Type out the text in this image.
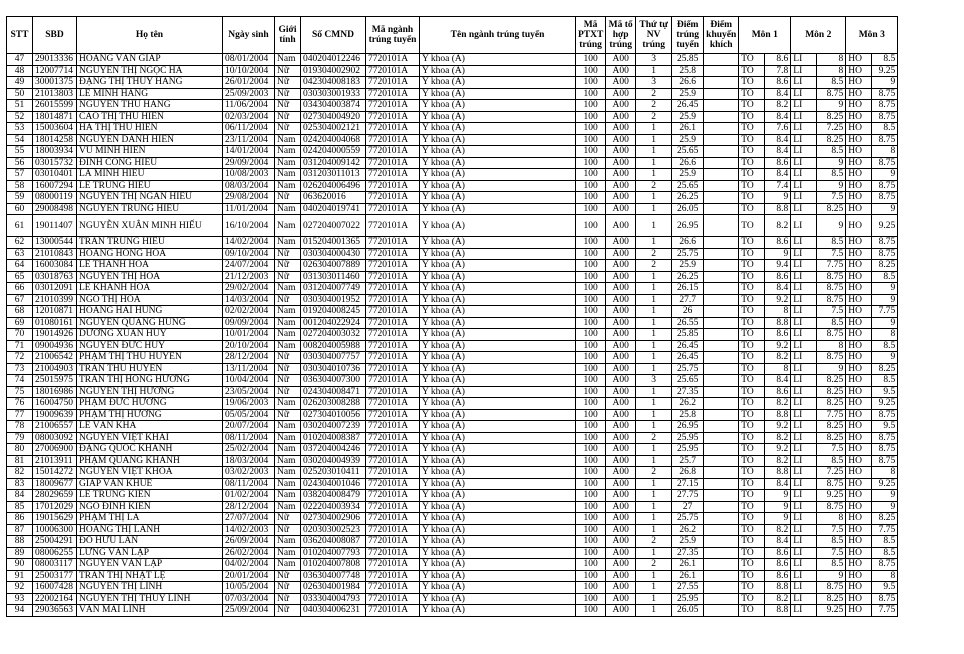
STT	SBD	Họ tên	Ngày sinh	Giới tính	Số CMND	Mã ngành trúng tuyển	Tên ngành trúng tuyển	Mã PTXT trúng	Mã tổ hợp trúng	Thứ tự NV trúng	Điểm trúng tuyển	Điểm khuyến khích	Môn 1		Môn 2		Môn 3	
47	29013336	HOÀNG VĂN GIÁP	08/01/2004	Nam	040204012246	7720101A	Y khoa (A)	100	A00	3	25.85		TO	8.6	LI	8	HO	8.5
48	12007714	NGUYỄN THỊ NGỌC HÀ	10/10/2004	Nữ	019304002902	7720101A	Y khoa (A)	100	A00	1	25.8		TO	7.8	LI	8	HO	9.25
49	30001375	ĐẶNG THỊ THÚY HẰNG	26/01/2004	Nữ	042304008183	7720101A	Y khoa (A)	100	A00	3	26.6		TO	8.6	LI	8.5	HO	9
50	21013803	LÊ MINH HẰNG	25/09/2003	Nữ	030303001933	7720101A	Y khoa (A)	100	A00	2	25.9		TO	8.4	LI	8.75	HO	8.75
51	26015599	NGUYỄN THU HẰNG	11/06/2004	Nữ	034304003874	7720101A	Y khoa (A)	100	A00	2	26.45		TO	8.2	LI	9	HO	8.75
52	18014871	CAO THỊ THU HIỀN	02/03/2004	Nữ	027304004920	7720101A	Y khoa (A)	100	A00	2	25.9		TO	8.4	LI	8.25	HO	8.75
53	15003604	HÀ THỊ THU HIỀN	06/11/2004	Nữ	025304002121	7720101A	Y khoa (A)	100	A00	1	26.1		TO	7.6	LI	7.25	HO	8.5
54	18014258	NGUYỄN DANH HIỂN	23/11/2004	Nam	024204004068	7720101A	Y khoa (A)	100	A00	1	25.9		TO	8.4	LI	8.25	HO	8.75
55	18003934	VŨ MINH HIỂN	14/01/2004	Nam	024204000559	7720101A	Y khoa (A)	100	A00	1	25.65		TO	8.4	LI	8.5	HO	8
56	03015732	ĐINH CÔNG HIẾU	29/09/2004	Nam	031204009142	7720101A	Y khoa (A)	100	A00	1	26.6		TO	8.6	LI	9	HO	8.75
57	03010401	LÃ MINH HIẾU	10/08/2003	Nam	031203011013	7720101A	Y khoa (A)	100	A00	1	25.9		TO	8.4	LI	8.5	HO	9
58	16007294	LÊ TRUNG HIẾU	08/03/2004	Nam	026204006496	7720101A	Y khoa (A)	100	A00	2	25.65		TO	7.4	LI	9	HO	8.75
59	08000119	NGUYỄN THỊ NGÂN HIẾU	29/08/2004	Nữ	063620016	7720101A	Y khoa (A)	100	A00	1	26.25		TO	9	LI	7.5	HO	8.75
60	29008498	NGUYỄN TRUNG HIẾU	11/01/2004	Nam	040204019741	7720101A	Y khoa (A)	100	A00	1	26.05		TO	8.8	LI	8.25	HO	9
61	19011407	NGUYỄN XUÂN MINH HIẾU	16/10/2004	Nam	027204007022	7720101A	Y khoa (A)	100	A00	1	26.95		TO	8.2	LI	9	HO	9.25
62	13000544	TRẦN TRUNG HIẾU	14/02/2004	Nam	015204001365	7720101A	Y khoa (A)	100	A00	1	26.6		TO	8.6	LI	8.5	HO	8.75
63	21010843	HOÀNG HỒNG HOA	09/10/2004	Nữ	030304000430	7720101A	Y khoa (A)	100	A00	2	25.75		TO	9	LI	7.5	HO	8.75
64	16003084	LÊ THANH HOA	24/07/2004	Nữ	026304007889	7720101A	Y khoa (A)	100	A00	2	25.9		TO	9.4	LI	7.75	HO	8.25
65	03018763	NGUYỄN THỊ HOA	21/12/2003	Nữ	031303011460	7720101A	Y khoa (A)	100	A00	1	26.25		TO	8.6	LI	8.75	HO	8.5
66	03012091	LÊ KHÁNH HÒA	29/02/2004	Nam	031204007749	7720101A	Y khoa (A)	100	A00	1	26.15		TO	8.4	LI	8.75	HO	9
67	21010399	NGÔ THỊ HÒA	14/03/2004	Nữ	030304001952	7720101A	Y khoa (A)	100	A00	1	27.7		TO	9.2	LI	8.75	HO	9
68	12010871	HOÀNG HẢI HÙNG	02/02/2004	Nam	019204008245	7720101A	Y khoa (A)	100	A00	1	26		TO	8	LI	7.5	HO	7.75
69	01080161	NGUYỄN QUANG HÙNG	09/09/2004	Nam	001204022924	7720101A	Y khoa (A)	100	A00	1	26.55		TO	8.8	LI	8.5	HO	9
70	19014926	DƯƠNG XUÂN HUY	10/01/2004	Nam	027204003032	7720101A	Y khoa (A)	100	A00	1	25.85		TO	8.6	LI	8.75	HO	8
71	09004936	NGUYỄN ĐỨC HUY	20/10/2004	Nam	008204005988	7720101A	Y khoa (A)	100	A00	1	26.45		TO	9.2	LI	8	HO	8.5
72	21006542	PHẠM THỊ THU HUYỀN	28/12/2004	Nữ	030304007757	7720101A	Y khoa (A)	100	A00	1	26.45		TO	8.2	LI	8.75	HO	9
73	21004903	TRẦN THU HUYỀN	13/11/2004	Nữ	030304010736	7720101A	Y khoa (A)	100	A00	1	25.75		TO	8	LI	9	HO	8.25
74	25015975	TRẦN THỊ HỒNG HƯƠNG	10/04/2004	Nữ	036304007300	7720101A	Y khoa (A)	100	A00	3	25.65		TO	8.4	LI	8.25	HO	8.5
75	18016986	NGUYỄN THỊ HƯỜNG	23/05/2004	Nữ	024304008471	7720101A	Y khoa (A)	100	A00	1	27.35		TO	8.6	LI	8.25	HO	9.5
76	16004750	PHẠM ĐỨC HƯỚNG	19/06/2003	Nam	026203008288	7720101A	Y khoa (A)	100	A00	1	26.2		TO	8.2	LI	8.25	HO	9.25
77	19009639	PHẠM THỊ HƯỜNG	05/05/2004	Nữ	027304010056	7720101A	Y khoa (A)	100	A00	1	25.8		TO	8.8	LI	7.75	HO	8.75
78	21006557	LÊ VĂN KHA	20/07/2004	Nam	030204007239	7720101A	Y khoa (A)	100	A00	1	26.95		TO	9.2	LI	8.25	HO	9.5
79	08003092	NGUYỄN VIỆT KHẢI	08/11/2004	Nam	010204008387	7720101A	Y khoa (A)	100	A00	2	25.95		TO	8.2	LI	8.25	HO	8.75
80	27006900	ĐẶNG QUỐC KHÁNH	25/02/2004	Nam	037204004246	7720101A	Y khoa (A)	100	A00	1	25.95		TO	9.2	LI	7.5	HO	8.75
81	21013911	PHẠM QUANG KHÁNH	18/03/2004	Nam	030204004939	7720101A	Y khoa (A)	100	A00	1	25.7		TO	8.2	LI	8.5	HO	8.75
82	15014272	NGUYỄN VIỆT KHOA	03/02/2003	Nam	025203010411	7720101A	Y khoa (A)	100	A00	2	26.8		TO	8.8	LI	7.25	HO	8
83	18009677	GIÁP VĂN KHUÊ	08/11/2004	Nam	024304001046	7720101A	Y khoa (A)	100	A00	1	27.15		TO	8.4	LI	8.75	HO	9.25
84	28029659	LÊ TRUNG KIÊN	01/02/2004	Nam	038204008479	7720101A	Y khoa (A)	100	A00	1	27.75		TO	9	LI	9.25	HO	9
85	17012029	NGÔ ĐÌNH KIÊN	28/12/2004	Nam	022204003934	7720101A	Y khoa (A)	100	A00	1	27		TO	9	LI	8.75	HO	9
86	19015629	PHẠM THỊ LA	27/07/2004	Nữ	027304002906	7720101A	Y khoa (A)	100	A00	1	25.75		TO	9	LI	8	HO	8.25
87	10006300	HOÀNG THỊ LANH	14/02/2003	Nữ	020303002523	7720101A	Y khoa (A)	100	A00	1	26.2		TO	8.2	LI	7.5	HO	7.75
88	25004291	ĐỖ HỮU LÂN	26/09/2004	Nam	036204008087	7720101A	Y khoa (A)	100	A00	2	25.9		TO	8.4	LI	8.5	HO	8.5
89	08006255	LỪNG VĂN LẬP	26/02/2004	Nam	010204007793	7720101A	Y khoa (A)	100	A00	1	27.35		TO	8.6	LI	7.5	HO	8.5
90	08003117	NGUYỄN VĂN LẬP	04/02/2004	Nam	010204007808	7720101A	Y khoa (A)	100	A00	2	26.1		TO	8.6	LI	8.5	HO	8.75
91	25003177	TRẦN THỊ NHẬT LỆ	20/01/2004	Nữ	036304007748	7720101A	Y khoa (A)	100	A00	1	26.1		TO	8.6	LI	9	HO	8
92	16007428	NGUYỄN THỊ LINH	10/05/2004	Nữ	026304001984	7720101A	Y khoa (A)	100	A00	1	27.55		TO	8.8	LI	8.75	HO	9.5
93	22002164	NGUYỄN THỊ THÙY LINH	07/03/2004	Nữ	033304004793	7720101A	Y khoa (A)	100	A00	1	25.95		TO	8.2	LI	8.25	HO	8.75
94	29036563	VĂN MAI LINH	25/09/2004	Nữ	040304006231	7720101A	Y khoa (A)	100	A00	1	26.05		TO	8.8	LI	9.25	HO	7.75
